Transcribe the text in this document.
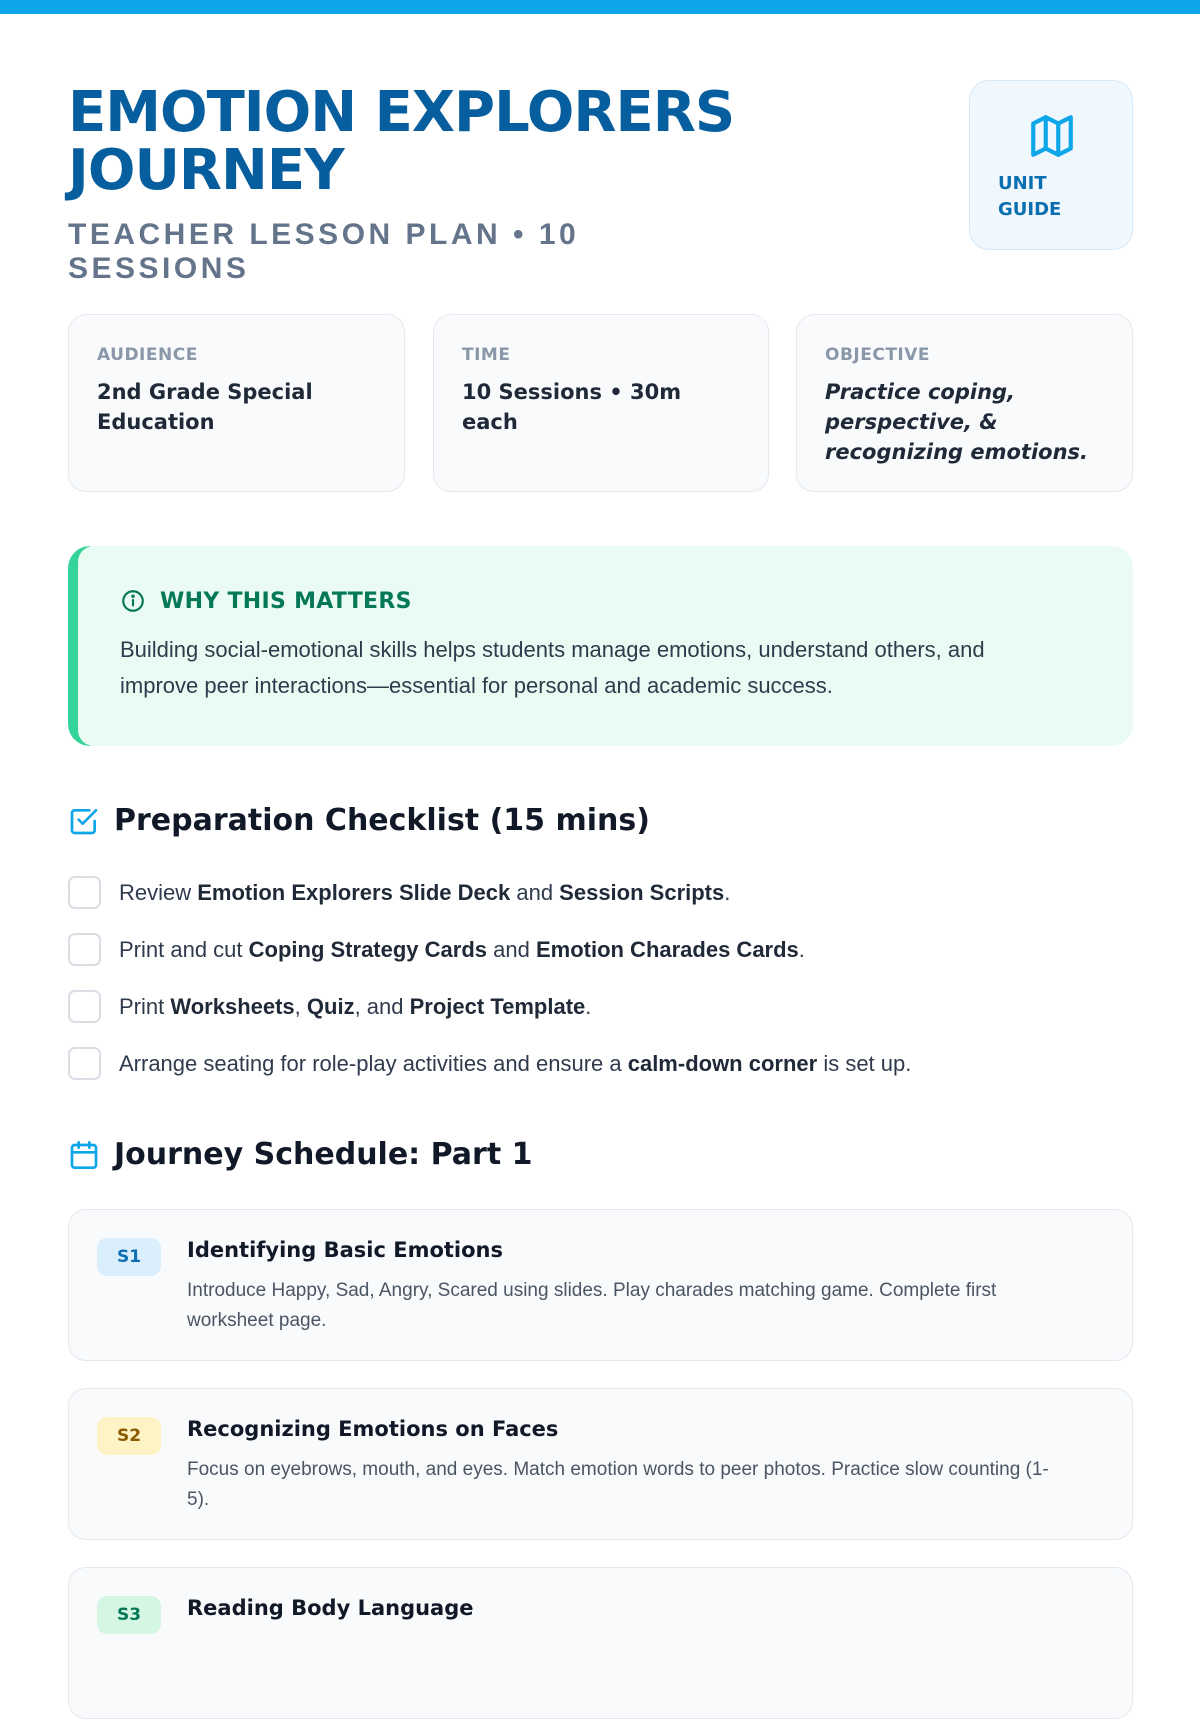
EMOTION EXPLORERS
JOURNEY
TEACHER LESSON PLAN • 10 SESSIONS
UNIT
GUIDE
AUDIENCE
2nd Grade Special
Education
TIME
10 Sessions • 30m each
OBJECTIVE
Practice coping,
perspective, &
recognizing emotions.
WHY THIS MATTERS
Building social-emotional skills helps students manage emotions, understand others, and
improve peer interactions—essential for personal and academic success.
Preparation Checklist (15 mins)
Review Emotion Explorers Slide Deck and Session Scripts.
Print and cut Coping Strategy Cards and Emotion Charades Cards.
Print Worksheets, Quiz, and Project Template.
Arrange seating for role-play activities and ensure a calm-down corner is set up.
Journey Schedule: Part 1
S1	Identifying Basic Emotions
Introduce Happy, Sad, Angry, Scared using slides. Play charades matching game. Complete first
worksheet page.
S2	Recognizing Emotions on Faces
Focus on eyebrows, mouth, and eyes. Match emotion words to peer photos. Practice slow counting (1-
5).
S3	Reading Body Language
